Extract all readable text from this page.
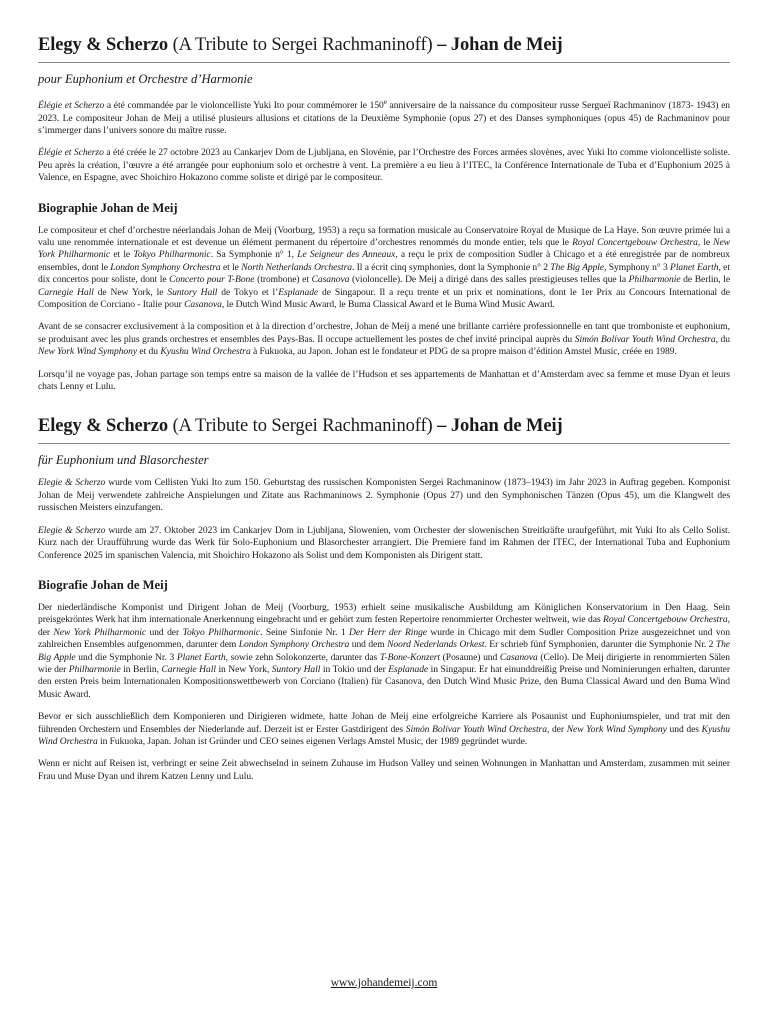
Elegy & Scherzo (A Tribute to Sergei Rachmaninoff) – Johan de Meij
pour Euphonium et Orchestre d’Harmonie

Élégie et Scherzo a été commandée par le violoncelliste Yuki Ito pour commémorer le 150e anniversaire de la naissance du compositeur russe Sergueï Rachmaninov (1873- 1943) en 2023. Le compositeur Johan de Meij a utilisé plusieurs allusions et citations de la Deuxième Symphonie (opus 27) et des Danses symphoniques (opus 45) de Rachmaninov pour s’immerger dans l’univers sonore du maître russe.

Élégie et Scherzo a été créée le 27 octobre 2023 au Cankarjev Dom de Ljubljana, en Slovénie, par l’Orchestre des Forces armées slovènes, avec Yuki Ito comme violoncelliste soliste. Peu après la création, l’œuvre a été arrangée pour euphonium solo et orchestre à vent. La première a eu lieu à l’ITEC, la Conférence Internationale de Tuba et d’Euphonium 2025 à Valence, en Espagne, avec Shoichiro Hokazono comme soliste et dirigé par le compositeur.

Biographie Johan de Meij

Le compositeur et chef d’orchestre néerlandais Johan de Meij (Voorburg, 1953) a reçu sa formation musicale au Conservatoire Royal de Musique de La Haye. Son œuvre primée lui a valu une renommée internationale et est devenue un élément permanent du répertoire d’orchestres renommés du monde entier, tels que le Royal Concertgebouw Orchestra, le New York Philharmonic et le Tokyo Philharmonic. Sa Symphonie n° 1, Le Seigneur des Anneaux, a reçu le prix de composition Sudler à Chicago et a été enregistrée par de nombreux ensembles, dont le London Symphony Orchestra et le North Netherlands Orchestra. Il a écrit cinq symphonies, dont la Symphonie n° 2 The Big Apple, Symphony n° 3 Planet Earth, et dix concertos pour soliste, dont le Concerto pour T-Bone (trombone) et Casanova (violoncelle). De Meij a dirigé dans des salles prestigieuses telles que la Philharmonie de Berlin, le Carnegie Hall de New York, le Suntory Hall de Tokyo et l’Esplanade de Singapour. Il a reçu trente et un prix et nominations, dont le 1er Prix au Concours International de Composition de Corciano - Italie pour Casanova, le Dutch Wind Music Award, le Buma Classical Award et le Buma Wind Music Award.

Avant de se consacrer exclusivement à la composition et à la direction d’orchestre, Johan de Meij a mené une brillante carrière professionnelle en tant que tromboniste et euphonium, se produisant avec les plus grands orchestres et ensembles des Pays-Bas. Il occupe actuellement les postes de chef invité principal auprès du Simón Bolívar Youth Wind Orchestra, du New York Wind Symphony et du Kyushu Wind Orchestra à Fukuoka, au Japon. Johan est le fondateur et PDG de sa propre maison d’édition Amstel Music, créée en 1989.

Lorsqu’il ne voyage pas, Johan partage son temps entre sa maison de la vallée de l’Hudson et ses appartements de Manhattan et d’Amsterdam avec sa femme et muse Dyan et leurs chats Lenny et Lulu.

Elegy & Scherzo (A Tribute to Sergei Rachmaninoff) – Johan de Meij
für Euphonium und Blasorchester

Elegie & Scherzo wurde vom Cellisten Yuki Ito zum 150. Geburtstag des russischen Komponisten Sergei Rachmaninow (1873–1943) im Jahr 2023 in Auftrag gegeben. Komponist Johan de Meij verwendete zahlreiche Anspielungen und Zitate aus Rachmaninows 2. Symphonie (Opus 27) und den Symphonischen Tänzen (Opus 45), um die Klangwelt des russischen Meisters einzufangen.

Elegie & Scherzo wurde am 27. Oktober 2023 im Cankarjev Dom in Ljubljana, Slowenien, vom Orchester der slowenischen Streitkräfte uraufgeführt, mit Yuki Ito als Cello Solist. Kurz nach der Uraufführung wurde das Werk für Solo-Euphonium und Blasorchester arrangiert. Die Premiere fand im Rahmen der ITEC, der International Tuba and Euphonium Conference 2025 im spanischen Valencia, mit Shoichiro Hokazono als Solist und dem Komponisten als Dirigent statt.

Biografie Johan de Meij

Der niederländische Komponist und Dirigent Johan de Meij (Voorburg, 1953) erhielt seine musikalische Ausbildung am Königlichen Konservatorium in Den Haag. Sein preisgekröntes Werk hat ihm internationale Anerkennung eingebracht und er gehört zum festen Repertoire renommierter Orchester weltweit, wie das Royal Concertgebouw Orchestra, der New York Philharmonic und der Tokyo Philharmonic. Seine Sinfonie Nr. 1 Der Herr der Ringe wurde in Chicago mit dem Sudler Composition Prize ausgezeichnet und von zahlreichen Ensembles aufgenommen, darunter dem London Symphony Orchestra und dem Noord Nederlands Orkest. Er schrieb fünf Symphonien, darunter die Symphonie Nr. 2 The Big Apple und die Symphonie Nr. 3 Planet Earth, sowie zehn Solokonzerte, darunter das T-Bone-Konzert (Posaune) und Casanova (Cello). De Meij dirigierte in renommierten Sälen wie der Philharmonie in Berlin, Carnegie Hall in New York, Suntory Hall in Tokio und der Esplanade in Singapur. Er hat einunddreißig Preise und Nominierungen erhalten, darunter den ersten Preis beim Internationalen Kompositionswettbewerb von Corciano (Italien) für Casanova, den Dutch Wind Music Prize, den Buma Classical Award und den Buma Wind Music Award.

Bevor er sich ausschließlich dem Komponieren und Dirigieren widmete, hatte Johan de Meij eine erfolgreiche Karriere als Posaunist und Euphoniumspieler, und trat mit den führenden Orchestern und Ensembles der Niederlande auf. Derzeit ist er Erster Gastdirigent des Simón Bolívar Youth Wind Orchestra, der New York Wind Symphony und des Kyushu Wind Orchestra in Fukuoka, Japan. Johan ist Gründer und CEO seines eigenen Verlags Amstel Music, der 1989 gegründet wurde.

Wenn er nicht auf Reisen ist, verbringt er seine Zeit abwechselnd in seinem Zuhause im Hudson Valley und seinen Wohnungen in Manhattan und Amsterdam, zusammen mit seiner Frau und Muse Dyan und ihrem Katzen Lenny und Lulu.

www.johandemeij.com
